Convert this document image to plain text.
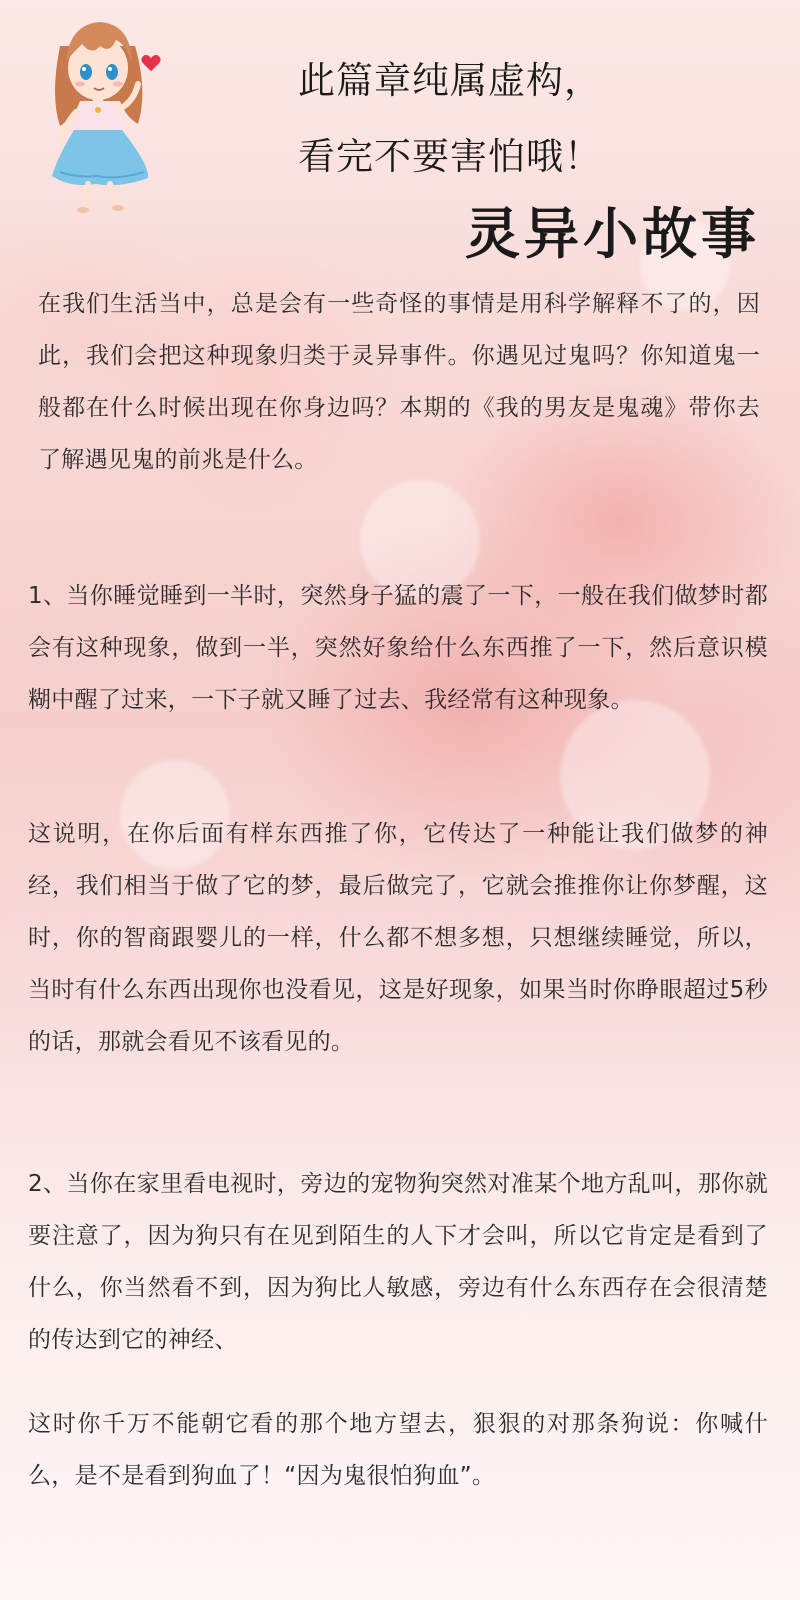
此篇章纯属虚构，
看完不要害怕哦！
灵异小故事

在我们生活当中，总是会有一些奇怪的事情是用科学解释不了的，因此，我们会把这种现象归类于灵异事件。你遇见过鬼吗？你知道鬼一般都在什么时候出现在你身边吗？本期的《我的男友是鬼魂》带你去了解遇见鬼的前兆是什么。

1、当你睡觉睡到一半时，突然身子猛的震了一下，一般在我们做梦时都会有这种现象，做到一半，突然好象给什么东西推了一下，然后意识模糊中醒了过来，一下子就又睡了过去、我经常有这种现象。

这说明，在你后面有样东西推了你，它传达了一种能让我们做梦的神经，我们相当于做了它的梦，最后做完了，它就会推推你让你梦醒，这时，你的智商跟婴儿的一样，什么都不想多想，只想继续睡觉，所以，当时有什么东西出现你也没看见，这是好现象，如果当时你睁眼超过5秒的话，那就会看见不该看见的。

2、当你在家里看电视时，旁边的宠物狗突然对准某个地方乱叫，那你就要注意了，因为狗只有在见到陌生的人下才会叫，所以它肯定是看到了什么，你当然看不到，因为狗比人敏感，旁边有什么东西存在会很清楚的传达到它的神经、

这时你千万不能朝它看的那个地方望去，狠狠的对那条狗说：你喊什么，是不是看到狗血了！“因为鬼很怕狗血”。
